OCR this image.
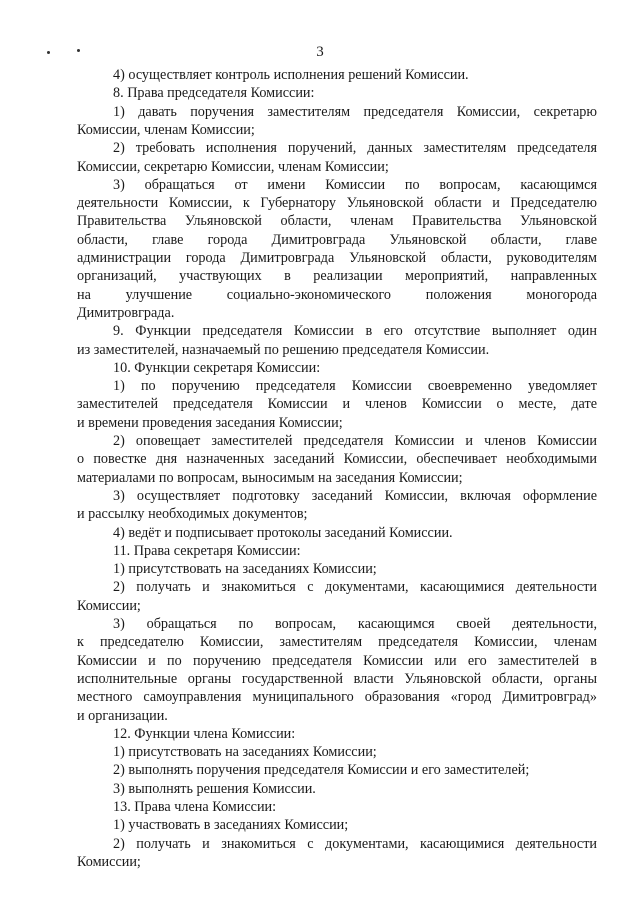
3
4) осуществляет контроль исполнения решений Комиссии.
8. Права председателя Комиссии:
1) давать поручения заместителям председателя Комиссии, секретарю
Комиссии, членам Комиссии;
2) требовать исполнения поручений, данных заместителям председателя
Комиссии, секретарю Комиссии, членам Комиссии;
3) обращаться от имени Комиссии по вопросам, касающимся
деятельности Комиссии, к Губернатору Ульяновской области и Председателю
Правительства Ульяновской области, членам Правительства Ульяновской
области, главе города Димитровграда Ульяновской области, главе
администрации города Димитровграда Ульяновской области, руководителям
организаций, участвующих в реализации мероприятий, направленных
на улучшение социально-экономического положения моногорода
Димитровграда.
9. Функции председателя Комиссии в его отсутствие выполняет один
из заместителей, назначаемый по решению председателя Комиссии.
10. Функции секретаря Комиссии:
1) по поручению председателя Комиссии своевременно уведомляет
заместителей председателя Комиссии и членов Комиссии о месте, дате
и времени проведения заседания Комиссии;
2) оповещает заместителей председателя Комиссии и членов Комиссии
о повестке дня назначенных заседаний Комиссии, обеспечивает необходимыми
материалами по вопросам, выносимым на заседания Комиссии;
3) осуществляет подготовку заседаний Комиссии, включая оформление
и рассылку необходимых документов;
4) ведёт и подписывает протоколы заседаний Комиссии.
11. Права секретаря Комиссии:
1) присутствовать на заседаниях Комиссии;
2) получать и знакомиться с документами, касающимися деятельности
Комиссии;
3) обращаться по вопросам, касающимся своей деятельности,
к председателю Комиссии, заместителям председателя Комиссии, членам
Комиссии и по поручению председателя Комиссии или его заместителей в
исполнительные органы государственной власти Ульяновской области, органы
местного самоуправления муниципального образования «город Димитровград»
и организации.
12. Функции члена Комиссии:
1) присутствовать на заседаниях Комиссии;
2) выполнять поручения председателя Комиссии и его заместителей;
3) выполнять решения Комиссии.
13. Права члена Комиссии:
1) участвовать в заседаниях Комиссии;
2) получать и знакомиться с документами, касающимися деятельности
Комиссии;
